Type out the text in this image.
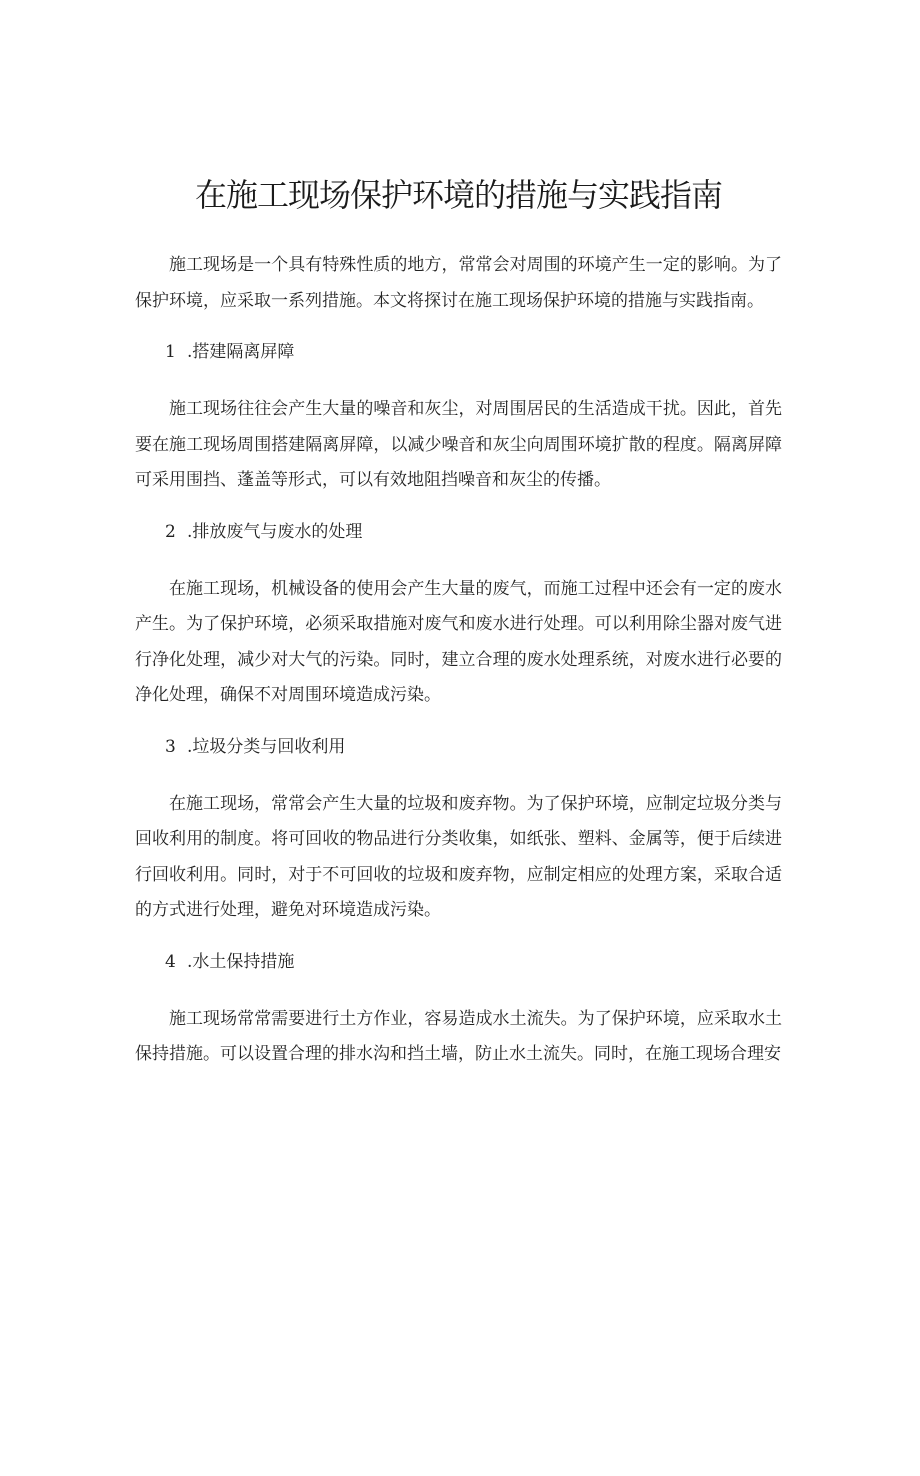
在施工现场保护环境的措施与实践指南

施工现场是一个具有特殊性质的地方，常常会对周围的环境产生一定的影响。为了保护环境，应采取一系列措施。本文将探讨在施工现场保护环境的措施与实践指南。

1 .搭建隔离屏障

施工现场往往会产生大量的噪音和灰尘，对周围居民的生活造成干扰。因此，首先要在施工现场周围搭建隔离屏障，以减少噪音和灰尘向周围环境扩散的程度。隔离屏障可采用围挡、蓬盖等形式，可以有效地阻挡噪音和灰尘的传播。

2 .排放废气与废水的处理

在施工现场，机械设备的使用会产生大量的废气，而施工过程中还会有一定的废水产生。为了保护环境，必须采取措施对废气和废水进行处理。可以利用除尘器对废气进行净化处理，减少对大气的污染。同时，建立合理的废水处理系统，对废水进行必要的净化处理，确保不对周围环境造成污染。

3 .垃圾分类与回收利用

在施工现场，常常会产生大量的垃圾和废弃物。为了保护环境，应制定垃圾分类与回收利用的制度。将可回收的物品进行分类收集，如纸张、塑料、金属等，便于后续进行回收利用。同时，对于不可回收的垃圾和废弃物，应制定相应的处理方案，采取合适的方式进行处理，避免对环境造成污染。

4 .水土保持措施

施工现场常常需要进行土方作业，容易造成水土流失。为了保护环境，应采取水土保持措施。可以设置合理的排水沟和挡土墙，防止水土流失。同时，在施工现场合理安
